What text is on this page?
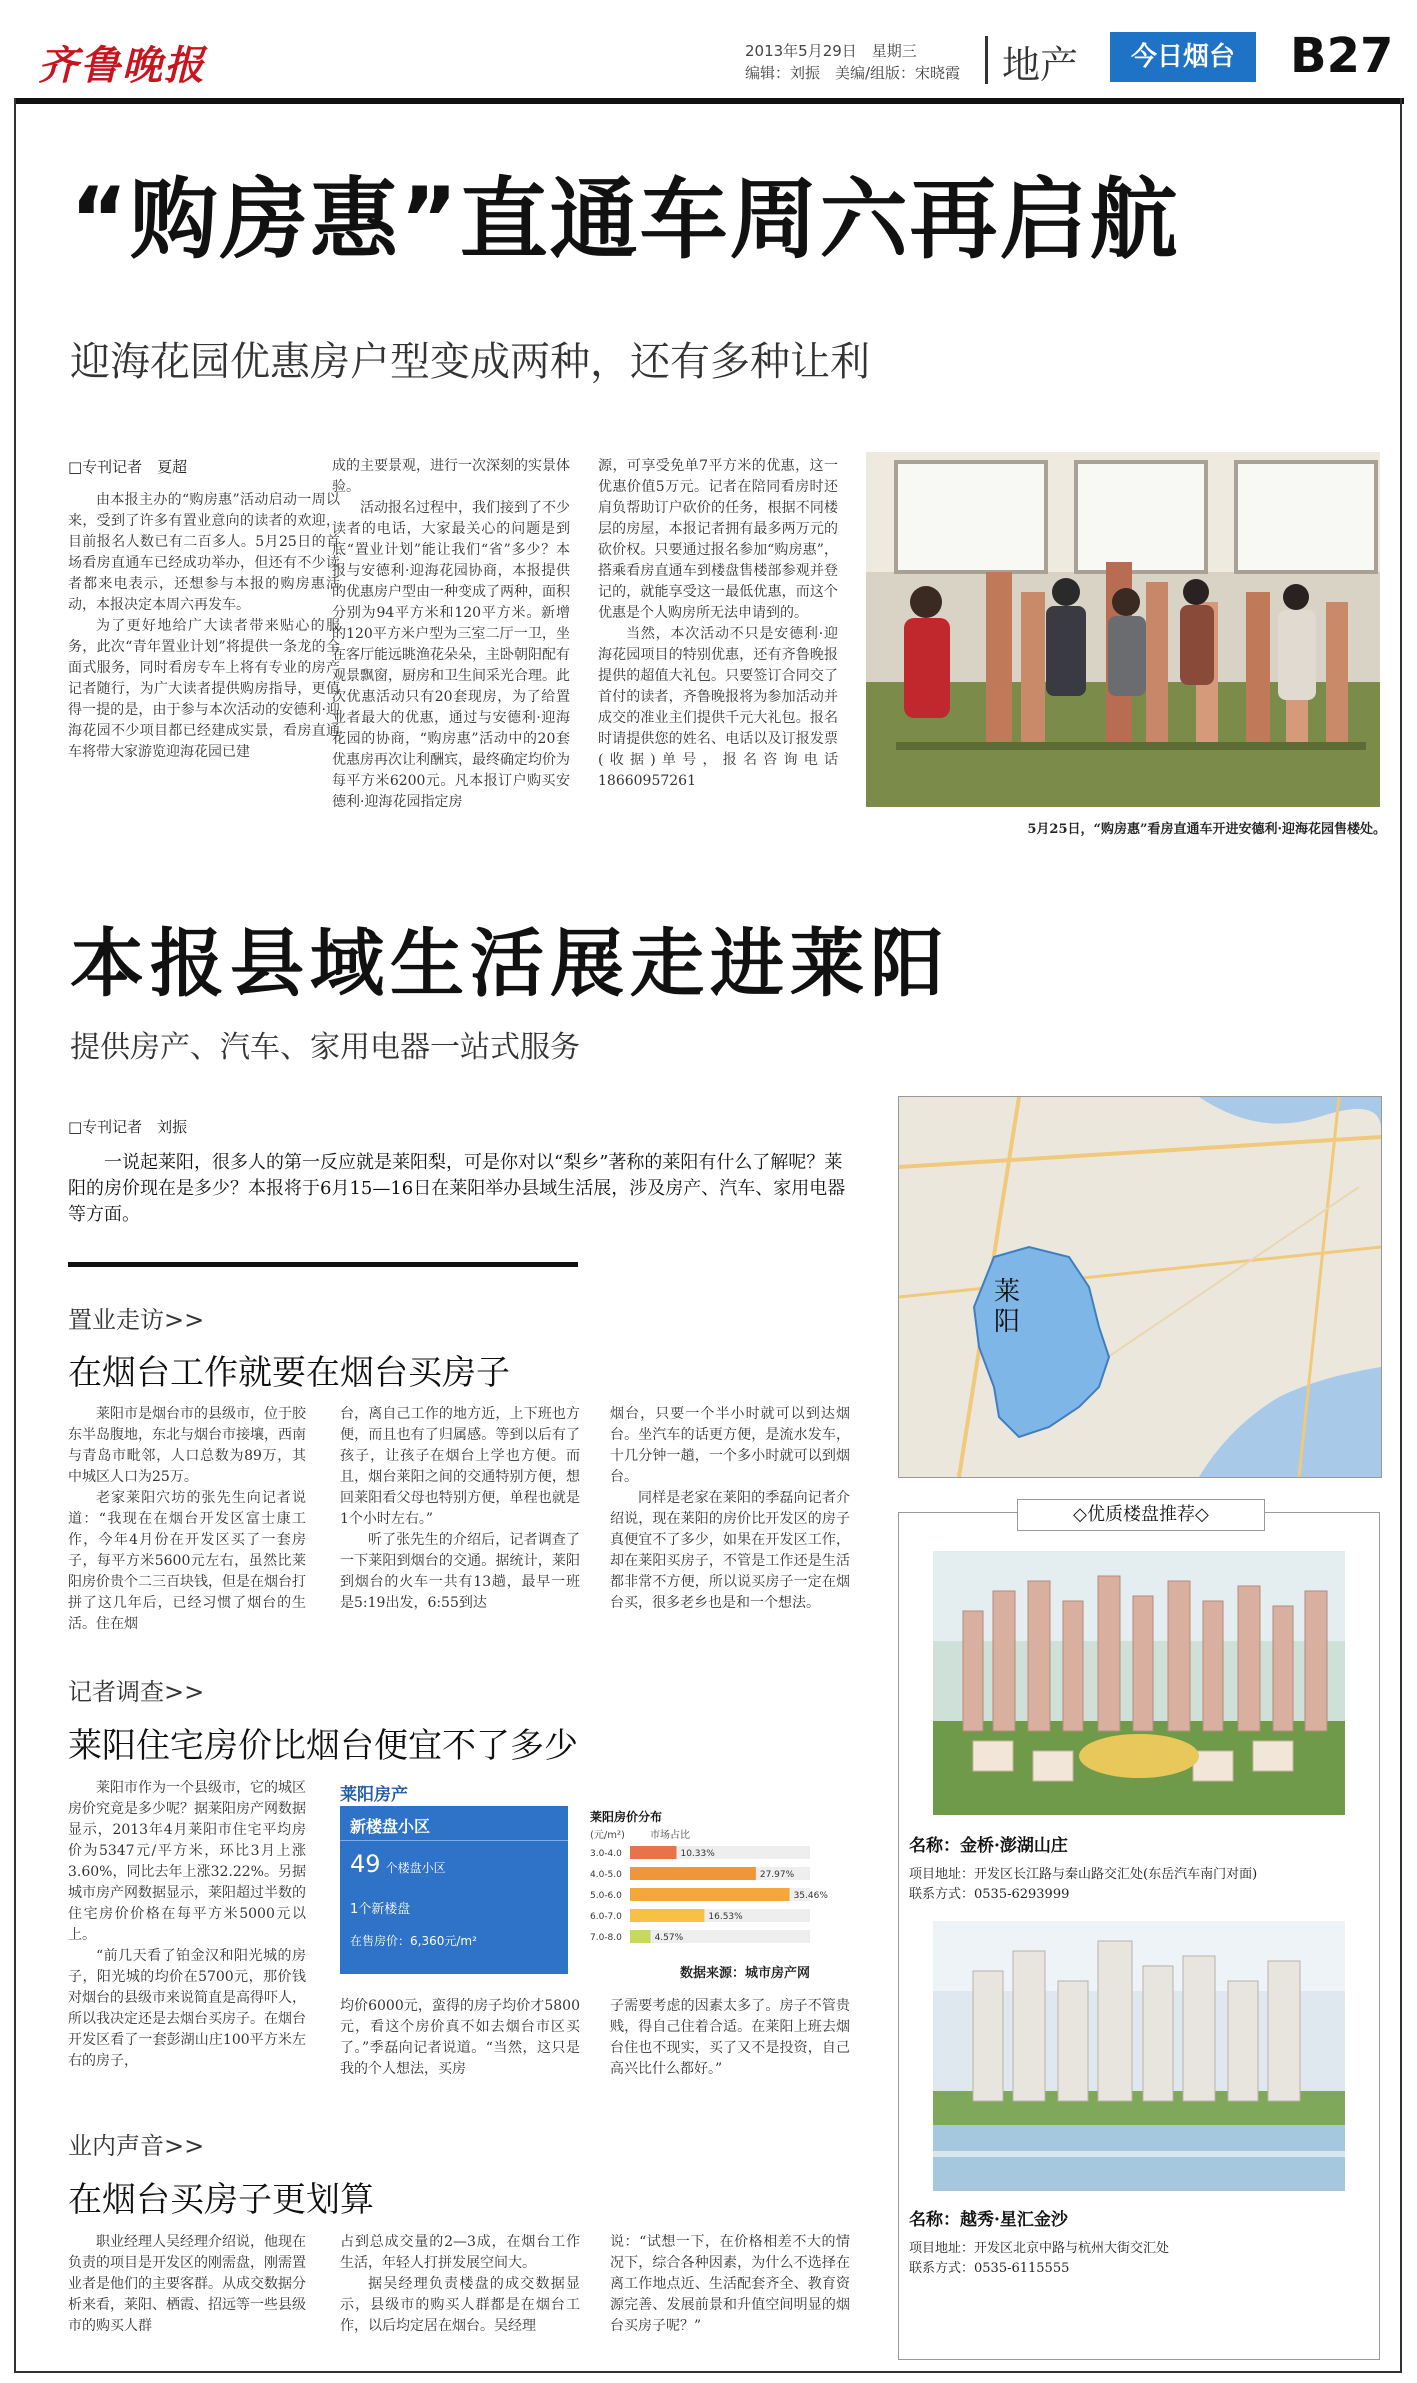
齐鲁晚报	2013年5月29日　星期三
编辑：刘振　美编/组版：宋晓霞 地产	今日烟台	B27
“购房惠”直通车周六再启航
迎海花园优惠房户型变成两种，还有多种让利
□专刊记者　夏超

由本报主办的“购房惠”活动启动一周以来，受到了许多有置业意向的读者的欢迎，目前报名人数已有二百多人。5月25日的首场看房直通车已经成功举办，但还有不少读者都来电表示，还想参与本报的购房惠活动，本报决定本周六再发车。

为了更好地给广大读者带来贴心的服务，此次“青年置业计划”将提供一条龙的全面式服务，同时看房专车上将有专业的房产记者随行，为广大读者提供购房指导，更值得一提的是，由于参与本次活动的安德利·迎海花园不少项目都已经建成实景，看房直通车将带大家游览迎海花园已建

成的主要景观，进行一次深刻的实景体验。

活动报名过程中，我们接到了不少读者的电话，大家最关心的问题是到底“置业计划”能让我们“省”多少？本报与安德利·迎海花园协商，本报提供的优惠房户型由一种变成了两种，面积分别为94平方米和120平方米。新增的120平方米户型为三室二厅一卫，坐在客厅能远眺渔花朵朵，主卧朝阳配有观景飘窗，厨房和卫生间采光合理。此次优惠活动只有20套现房，为了给置业者最大的优惠，通过与安德利·迎海花园的协商，“购房惠”活动中的20套优惠房再次让利酬宾，最终确定均价为每平方米6200元。凡本报订户购买安德利·迎海花园指定房

源，可享受免单7平方米的优惠，这一优惠价值5万元。记者在陪同看房时还肩负帮助订户砍价的任务，根据不同楼层的房屋，本报记者拥有最多两万元的砍价权。只要通过报名参加“购房惠”，搭乘看房直通车到楼盘售楼部参观并登记的，就能享受这一最低优惠，而这个优惠是个人购房所无法申请到的。

当然，本次活动不只是安德利·迎海花园项目的特别优惠，还有齐鲁晚报提供的超值大礼包。只要签订合同交了首付的读者，齐鲁晚报将为参加活动并成交的准业主们提供千元大礼包。报名时请提供您的姓名、电话以及订报发票(收据)单号，报名咨询电话18660957261

5月25日，“购房惠”看房直通车开进安德利·迎海花园售楼处。
本报县域生活展走进莱阳
提供房产、汽车、家用电器一站式服务
□专刊记者　刘振
一说起莱阳，很多人的第一反应就是莱阳梨，可是你对以“梨乡”著称的莱阳有什么了解呢？莱阳的房价现在是多少？本报将于6月15—16日在莱阳举办县域生活展，涉及房产、汽车、家用电器等方面。
莱阳
置业走访>>
在烟台工作就要在烟台买房子

莱阳市是烟台市的县级市，位于胶东半岛腹地，东北与烟台市接壤，西南与青岛市毗邻，人口总数为89万，其中城区人口为25万。

老家莱阳穴坊的张先生向记者说道：“我现在在烟台开发区富士康工作，今年4月份在开发区买了一套房子，每平方米5600元左右，虽然比莱阳房价贵个二三百块钱，但是在烟台打拼了这几年后，已经习惯了烟台的生活。住在烟

台，离自己工作的地方近，上下班也方便，而且也有了归属感。等到以后有了孩子，让孩子在烟台上学也方便。而且，烟台莱阳之间的交通特别方便，想回莱阳看父母也特别方便，单程也就是1个小时左右。”

听了张先生的介绍后，记者调查了一下莱阳到烟台的交通。据统计，莱阳到烟台的火车一共有13趟，最早一班是5:19出发，6:55到达

烟台，只要一个半小时就可以到达烟台。坐汽车的话更方便，是流水发车，十几分钟一趟，一个多小时就可以到烟台。

同样是老家在莱阳的季磊向记者介绍说，现在莱阳的房价比开发区的房子真便宜不了多少，如果在开发区工作，却在莱阳买房子，不管是工作还是生活都非常不方便，所以说买房子一定在烟台买，很多老乡也是和一个想法。

记者调查>>
莱阳住宅房价比烟台便宜不了多少

莱阳市作为一个县级市，它的城区房价究竟是多少呢？据莱阳房产网数据显示，2013年4月莱阳市住宅平均房价为5347元/平方米，环比3月上涨3.60%，同比去年上涨32.22%。另据城市房产网数据显示，莱阳超过半数的住宅房价价格在每平方米5000元以上。

“前几天看了铂金汉和阳光城的房子，阳光城的均价在5700元，那价钱对烟台的县级市来说简直是高得吓人，所以我决定还是去烟台买房子。在烟台开发区看了一套彭湖山庄100平方米左右的房子，

莱阳房产
新楼盘小区
49 个楼盘小区
1个新楼盘
在售房价：6,360元/m²
莱阳房价分布
(元/m²)	市场占比
3.0-4.0	10.33%
4.0-5.0	27.97%
5.0-6.0	35.46%
6.0-7.0	16.53%
7.0-8.0	4.57%
数据来源：城市房产网

均价6000元，蛮得的房子均价才5800元，看这个房价真不如去烟台市区买了。”季磊向记者说道。“当然，这只是我的个人想法，买房

子需要考虑的因素太多了。房子不管贵贱，得自己住着合适。在莱阳上班去烟台住也不现实，买了又不是投资，自己高兴比什么都好。”

业内声音>>
在烟台买房子更划算

职业经理人吴经理介绍说，他现在负责的项目是开发区的刚需盘，刚需置业者是他们的主要客群。从成交数据分析来看，莱阳、栖霞、招远等一些县级市的购买人群

占到总成交量的2—3成，在烟台工作生活，年轻人打拼发展空间大。

据吴经理负责楼盘的成交数据显示，县级市的购买人群都是在烟台工作，以后均定居在烟台。吴经理

说：“试想一下，在价格相差不大的情况下，综合各种因素，为什么不选择在离工作地点近、生活配套齐全、教育资源完善、发展前景和升值空间明显的烟台买房子呢？”

◇优质楼盘推荐◇
名称：金桥·澎湖山庄
项目地址：开发区长江路与秦山路交汇处(东岳汽车南门对面)
联系方式：0535-6293999
名称：越秀·星汇金沙
项目地址：开发区北京中路与杭州大街交汇处
联系方式：0535-6115555
